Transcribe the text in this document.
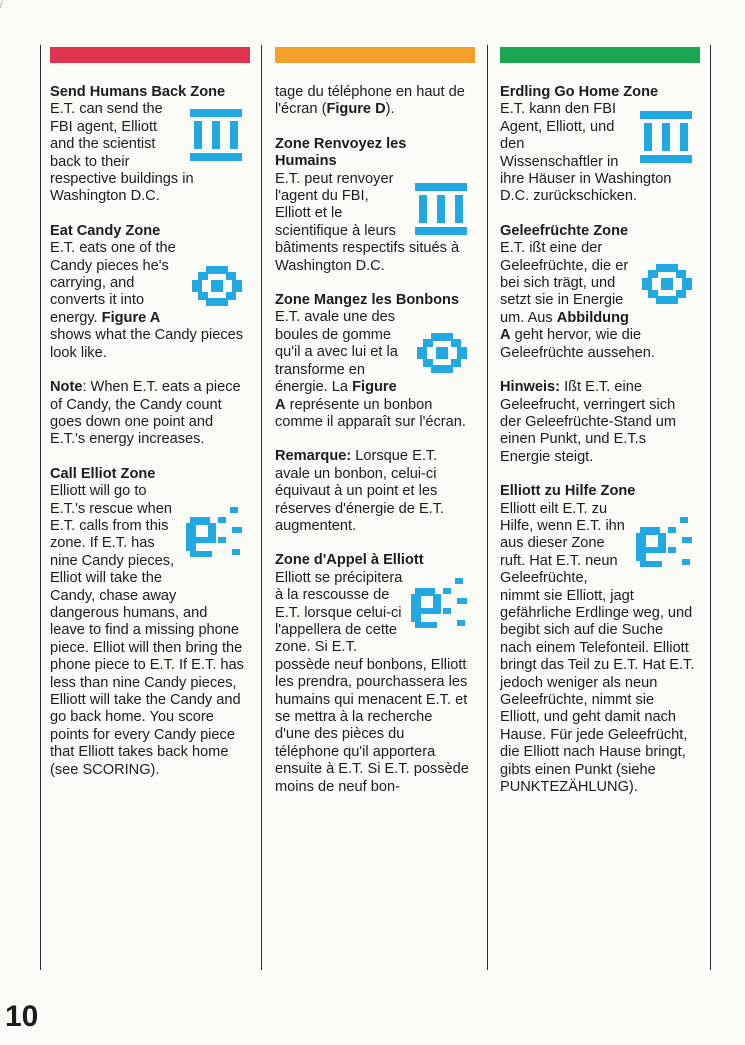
/
Send Humans Back Zone

E.T. can send the FBI agent, Elliott and the scientist back to their respective buildings in Washington D.C.

Eat Candy Zone

E.T. eats one of the Candy pieces he's carrying, and converts it into energy. Figure A shows what the Candy pieces look like.

Note: When E.T. eats a piece of Candy, the Candy count goes down one point and E.T.'s energy increases.

Call Elliot Zone

Elliott will go to E.T.'s rescue when E.T. calls from this zone. If E.T. has nine Candy pieces, Elliot will take the Candy, chase away dangerous humans, and leave to find a missing phone piece. Elliot will then bring the phone piece to E.T. If E.T. has less than nine Candy pieces, Elliott will take the Candy and go back home. You score points for every Candy piece that Elliott takes back home (see SCORING).

tage du téléphone en haut de l'écran (Figure D).

Zone Renvoyez les Humains

E.T. peut renvoyer l'agent du FBI, Elliott et le scientifique à leurs bâtiments respectifs situés à Washington D.C.

Zone Mangez les Bonbons

E.T. avale une des boules de gomme qu'il a avec lui et la transforme en énergie. La Figure A représente un bonbon comme il apparaît sur l'écran.

Remarque: Lorsque E.T. avale un bonbon, celui-ci équivaut à un point et les réserves d'énergie de E.T. augmentent.

Zone d'Appel à Elliott

Elliott se précipitera à la rescousse de E.T. lorsque celui-ci l'appellera de cette zone. Si E.T. possède neuf bonbons, Elliott les prendra, pourchassera les humains qui menacent E.T. et se mettra à la recherche d'une des pièces du téléphone qu'il apportera ensuite à E.T. Si E.T. possède moins de neuf bon-

Erdling Go Home Zone

E.T. kann den FBI Agent, Elliott, und den Wissenschaftler in ihre Häuser in Washington D.C. zurückschicken.

Geleefrüchte Zone

E.T. ißt eine der Geleefrüchte, die er bei sich trägt, und setzt sie in Energie um. Aus Abbildung A geht hervor, wie die Geleefrüchte aussehen.

Hinweis: Ißt E.T. eine Geleefrucht, verringert sich der Geleefrüchte-Stand um einen Punkt, und E.T.s Energie steigt.

Elliott zu Hilfe Zone

Elliott eilt E.T. zu Hilfe, wenn E.T. ihn aus dieser Zone ruft. Hat E.T. neun Geleefrüchte, nimmt sie Elliott, jagt gefährliche Erdlinge weg, und begibt sich auf die Suche nach einem Telefonteil. Elliott bringt das Teil zu E.T. Hat E.T. jedoch weniger als neun Geleefrüchte, nimmt sie Elliott, und geht damit nach Hause. Für jede Geleefrücht, die Elliott nach Hause bringt, gibts einen Punkt (siehe PUNKTEZÄHLUNG).

10
